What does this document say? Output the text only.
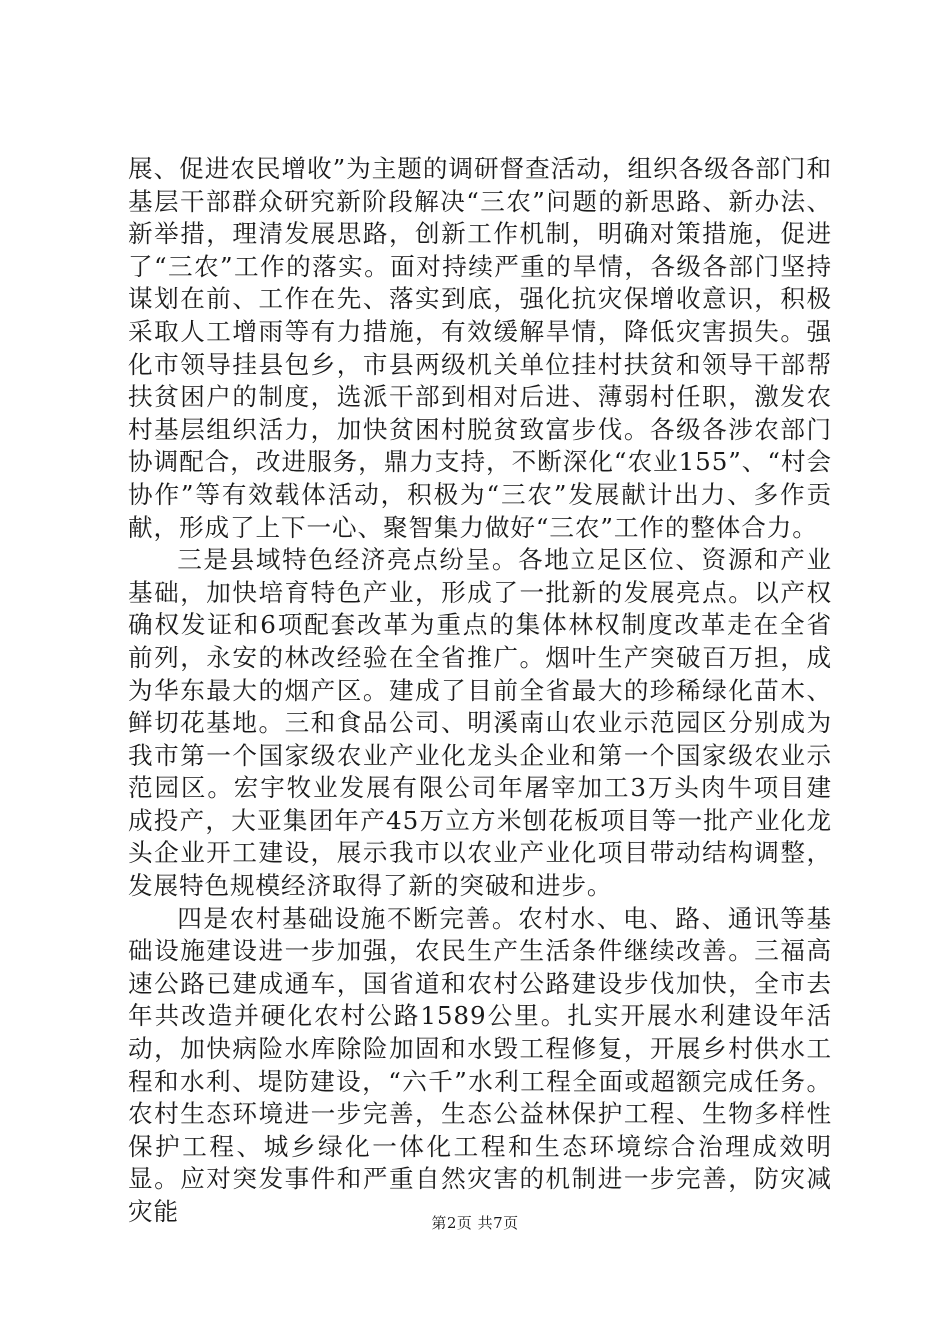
展、促进农民增收”为主题的调研督查活动，组织各级各部门和基层干部群众研究新阶段解决“三农”问题的新思路、新办法、新举措，理清发展思路，创新工作机制，明确对策措施，促进了“三农”工作的落实。面对持续严重的旱情，各级各部门坚持谋划在前、工作在先、落实到底，强化抗灾保增收意识，积极采取人工增雨等有力措施，有效缓解旱情，降低灾害损失。强化市领导挂县包乡，市县两级机关单位挂村扶贫和领导干部帮扶贫困户的制度，选派干部到相对后进、薄弱村任职，激发农村基层组织活力，加快贫困村脱贫致富步伐。各级各涉农部门协调配合，改进服务，鼎力支持，不断深化“农业155”、“村会协作”等有效载体活动，积极为“三农”发展献计出力、多作贡献，形成了上下一心、聚智集力做好“三农”工作的整体合力。

三是县域特色经济亮点纷呈。各地立足区位、资源和产业基础，加快培育特色产业，形成了一批新的发展亮点。以产权确权发证和6项配套改革为重点的集体林权制度改革走在全省前列，永安的林改经验在全省推广。烟叶生产突破百万担，成为华东最大的烟产区。建成了目前全省最大的珍稀绿化苗木、鲜切花基地。三和食品公司、明溪南山农业示范园区分别成为我市第一个国家级农业产业化龙头企业和第一个国家级农业示范园区。宏宇牧业发展有限公司年屠宰加工3万头肉牛项目建成投产，大亚集团年产45万立方米刨花板项目等一批产业化龙头企业开工建设，展示我市以农业产业化项目带动结构调整，发展特色规模经济取得了新的突破和进步。

四是农村基础设施不断完善。农村水、电、路、通讯等基础设施建设进一步加强，农民生产生活条件继续改善。三福高速公路已建成通车，国省道和农村公路建设步伐加快，全市去年共改造并硬化农村公路1589公里。扎实开展水利建设年活动，加快病险水库除险加固和水毁工程修复，开展乡村供水工程和水利、堤防建设，“六千”水利工程全面或超额完成任务。农村生态环境进一步完善，生态公益林保护工程、生物多样性保护工程、城乡绿化一体化工程和生态环境综合治理成效明显。应对突发事件和严重自然灾害的机制进一步完善，防灾减灾能	第2页 共7页
